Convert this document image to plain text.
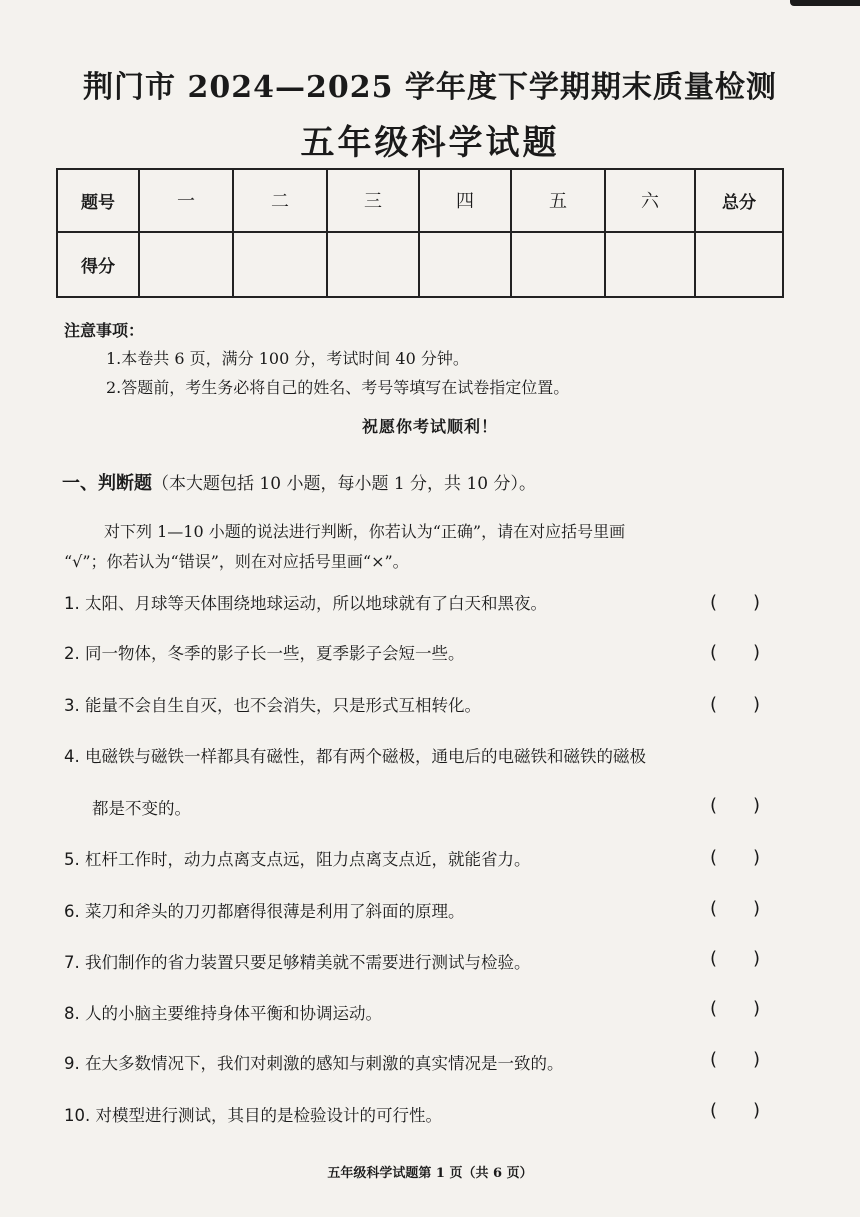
荆门市 2024—2025 学年度下学期期末质量检测
五年级科学试题
题号	一	二	三	四	五	六	总分
得分							
注意事项：
1.本卷共 6 页，满分 100 分，考试时间 40 分钟。
2.答题前，考生务必将自己的姓名、考号等填写在试卷指定位置。
祝愿你考试顺利！
一、判断题（本大题包括 10 小题，每小题 1 分，共 10 分）。
对下列 1—10 小题的说法进行判断，你若认为“正确”，请在对应括号里画
“√”；你若认为“错误”，则在对应括号里画“×”。
1. 太阳、月球等天体围绕地球运动，所以地球就有了白天和黑夜。	(　　)
2. 同一物体，冬季的影子长一些，夏季影子会短一些。	(　　)
3. 能量不会自生自灭，也不会消失，只是形式互相转化。	(　　)
4. 电磁铁与磁铁一样都具有磁性，都有两个磁极，通电后的电磁铁和磁铁的磁极
都是不变的。	(　　)
5. 杠杆工作时，动力点离支点远，阻力点离支点近，就能省力。	(　　)
6. 菜刀和斧头的刀刃都磨得很薄是利用了斜面的原理。	(　　)
7. 我们制作的省力装置只要足够精美就不需要进行测试与检验。	(　　)
8. 人的小脑主要维持身体平衡和协调运动。	(　　)
9. 在大多数情况下，我们对刺激的感知与刺激的真实情况是一致的。	(　　)
10. 对模型进行测试，其目的是检验设计的可行性。	(　　)
五年级科学试题第 1 页（共 6 页）
